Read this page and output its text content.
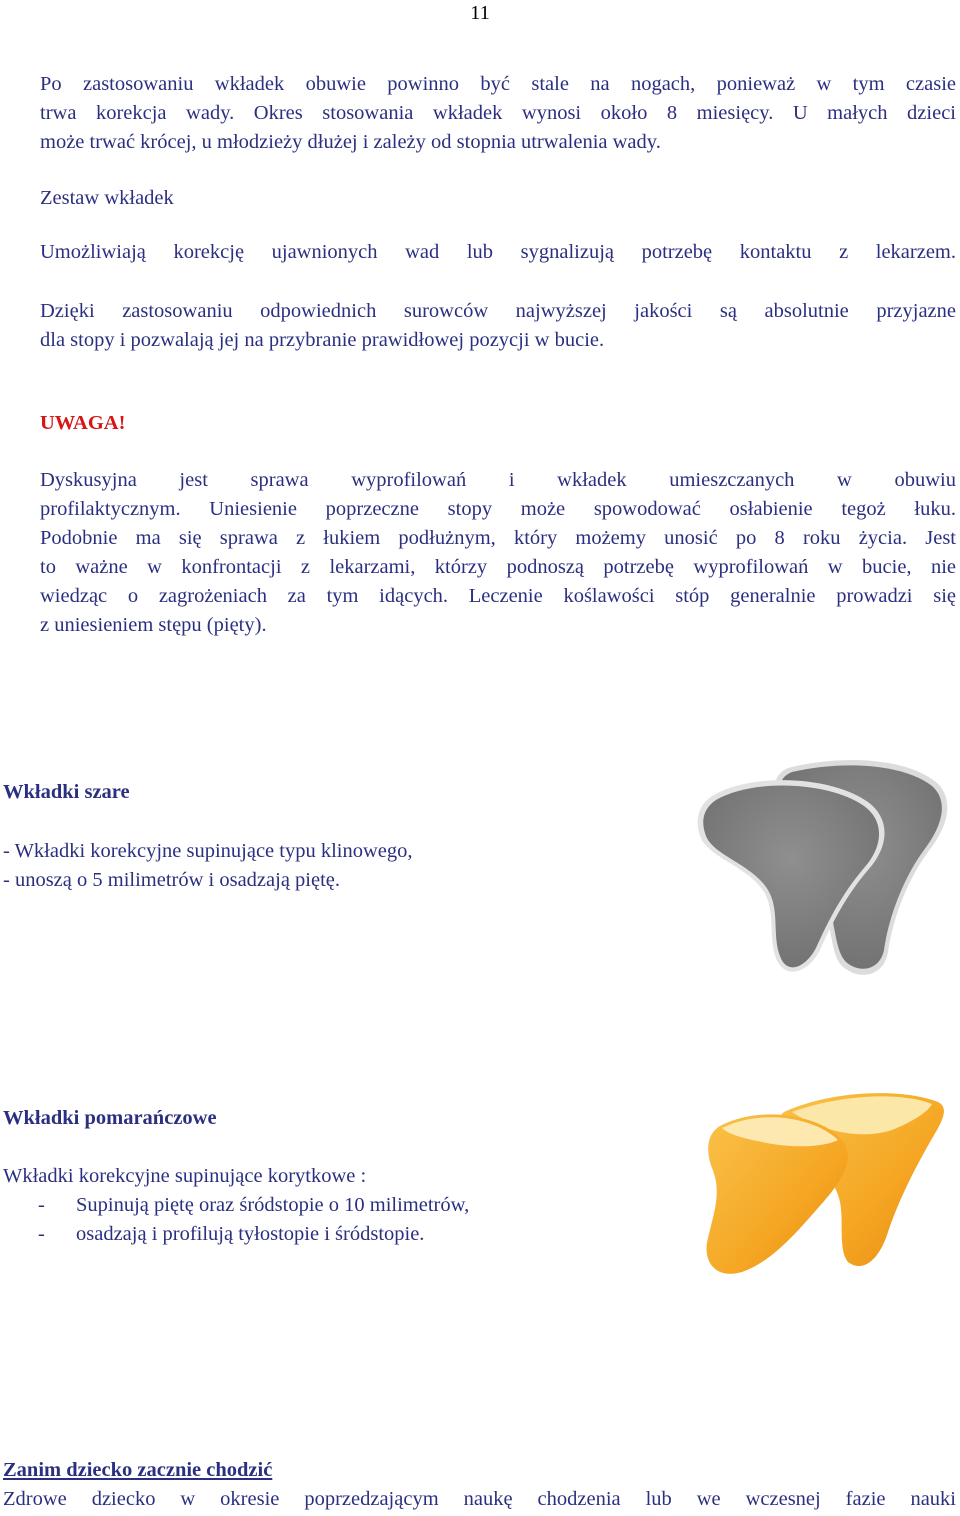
11
Po zastosowaniu wkładek obuwie powinno być stale na nogach, ponieważ w tym czasie
trwa korekcja wady. Okres stosowania wkładek wynosi około 8 miesięcy. U małych dzieci
może trwać krócej, u młodzieży dłużej i zależy od stopnia utrwalenia wady.
Zestaw wkładek
Umożliwiają korekcję ujawnionych wad lub sygnalizują potrzebę kontaktu z lekarzem.
Dzięki zastosowaniu odpowiednich surowców najwyższej jakości są absolutnie przyjazne
dla stopy i pozwalają jej na przybranie prawidłowej pozycji w bucie.
UWAGA!
Dyskusyjna jest sprawa wyprofilowań i wkładek umieszczanych w obuwiu
profilaktycznym. Uniesienie poprzeczne stopy może spowodować osłabienie tegoż łuku.
Podobnie ma się sprawa z łukiem podłużnym, który możemy unosić po 8 roku życia. Jest
to ważne w konfrontacji z lekarzami, którzy podnoszą potrzebę wyprofilowań w bucie, nie
wiedząc o zagrożeniach za tym idących. Leczenie koślawości stóp generalnie prowadzi się
z uniesieniem stępu (pięty).
Wkładki szare
- Wkładki korekcyjne supinujące typu klinowego,
- unoszą o 5 milimetrów i osadzają piętę.
Wkładki pomarańczowe
Wkładki korekcyjne supinujące korytkowe :
-	Supinują piętę oraz śródstopie o 10 milimetrów,
-	osadzają i profilują tyłostopie i śródstopie.
Zanim dziecko zacznie chodzić
Zdrowe dziecko w okresie poprzedzającym naukę chodzenia lub we wczesnej fazie nauki
